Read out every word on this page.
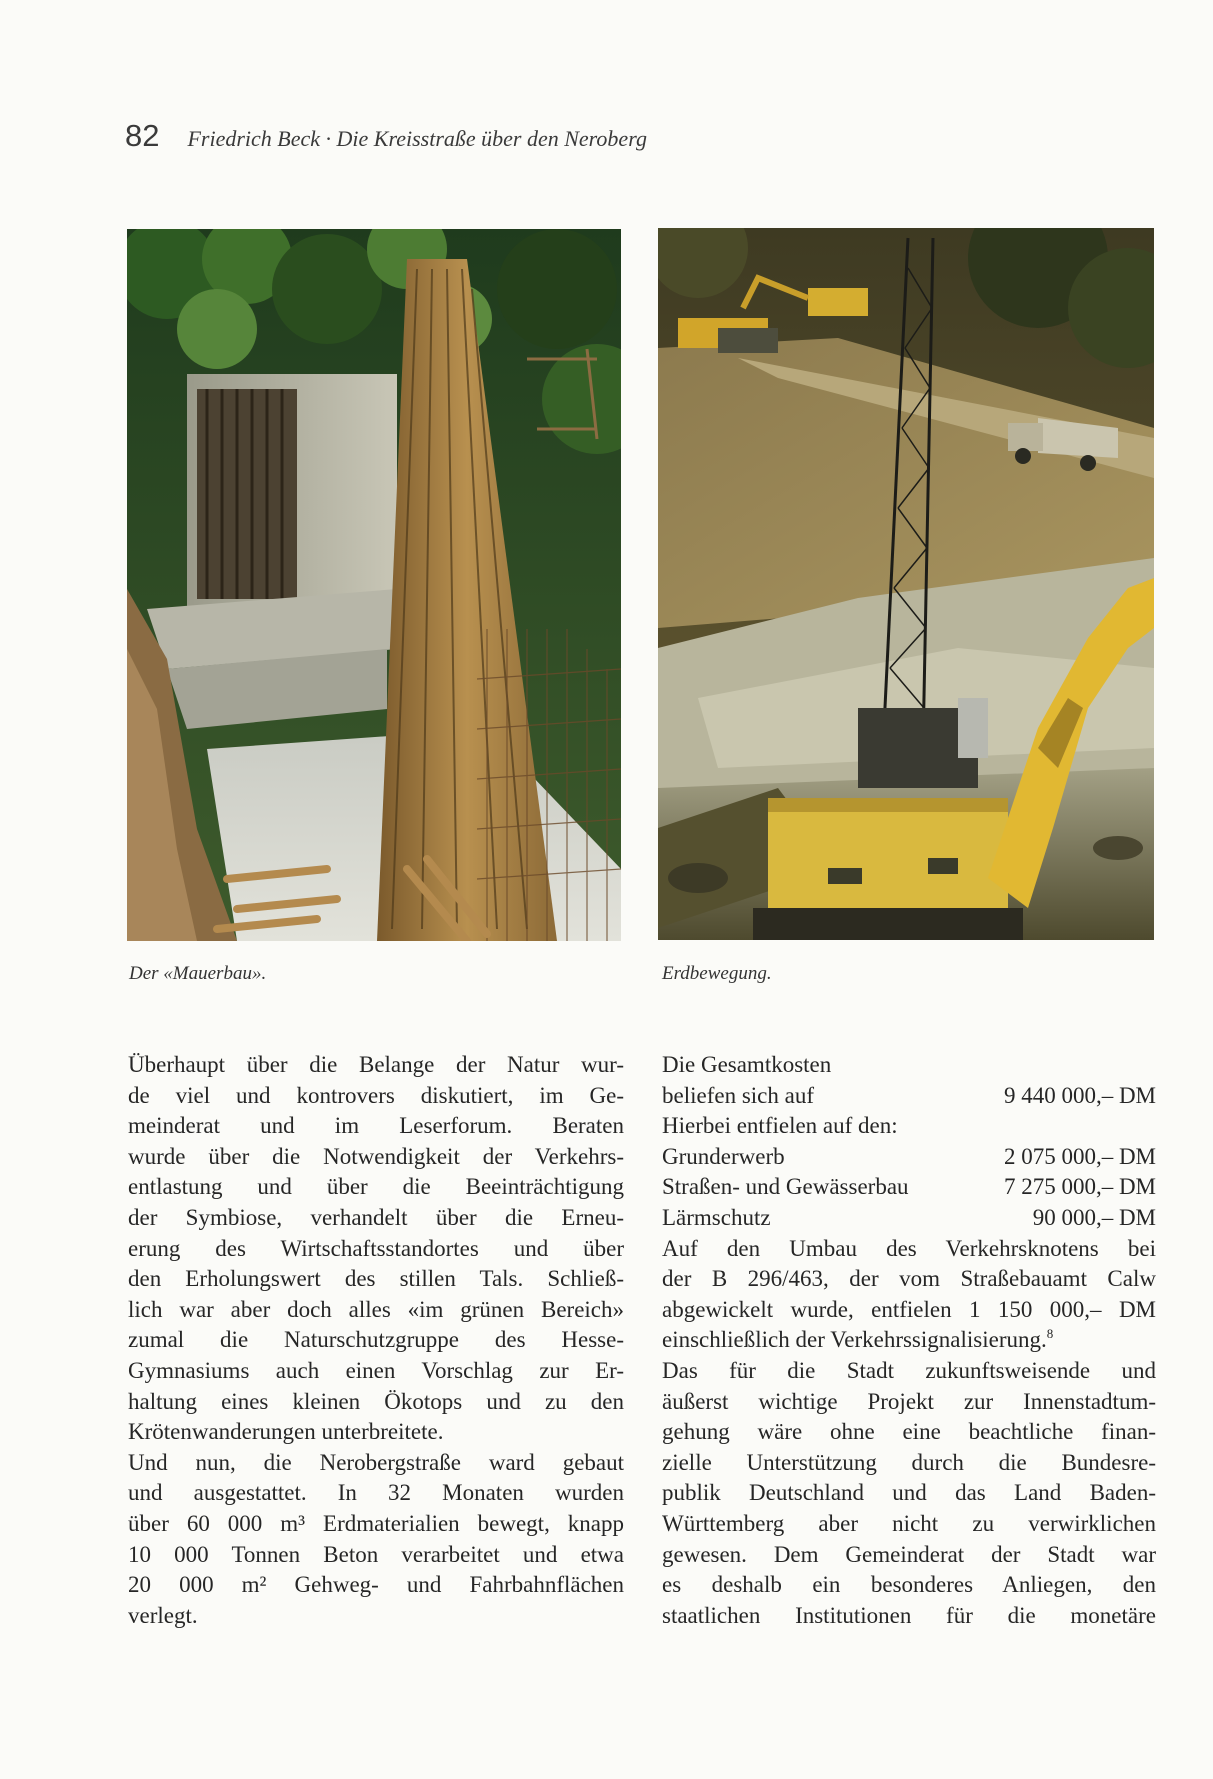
82 Friedrich Beck · Die Kreisstraße über den Neroberg
Der «Mauerbau».	Erdbewegung.
Überhaupt über die Belange der Natur wur-
de viel und kontrovers diskutiert, im Ge-
meinderat und im Leserforum. Beraten
wurde über die Notwendigkeit der Verkehrs-
entlastung und über die Beeinträchtigung
der Symbiose, verhandelt über die Erneu-
erung des Wirtschaftsstandortes und über
den Erholungswert des stillen Tals. Schließ-
lich war aber doch alles «im grünen Bereich»
zumal die Naturschutzgruppe des Hesse-
Gymnasiums auch einen Vorschlag zur Er-
haltung eines kleinen Ökotops und zu den
Krötenwanderungen unterbreitete.
Und nun, die Nerobergstraße ward gebaut
und ausgestattet. In 32 Monaten wurden
über 60 000 m³ Erdmaterialien bewegt, knapp
10 000 Tonnen Beton verarbeitet und etwa
20 000 m² Gehweg- und Fahrbahnflächen
verlegt.
Die Gesamtkosten
beliefen sich auf	9 440 000,– DM
Hierbei entfielen auf den:
Grunderwerb	2 075 000,– DM
Straßen- und Gewässerbau	7 275 000,– DM
Lärmschutz	90 000,– DM
Auf den Umbau des Verkehrsknotens bei
der B 296/463, der vom Straßebauamt Calw
abgewickelt wurde, entfielen 1 150 000,– DM
einschließlich der Verkehrssignalisierung.$^8$
Das für die Stadt zukunftsweisende und
äußerst wichtige Projekt zur Innenstadtum-
gehung wäre ohne eine beachtliche finan-
zielle Unterstützung durch die Bundesre-
publik Deutschland und das Land Baden-
Württemberg aber nicht zu verwirklichen
gewesen. Dem Gemeinderat der Stadt war
es deshalb ein besonderes Anliegen, den
staatlichen Institutionen für die monetäre
